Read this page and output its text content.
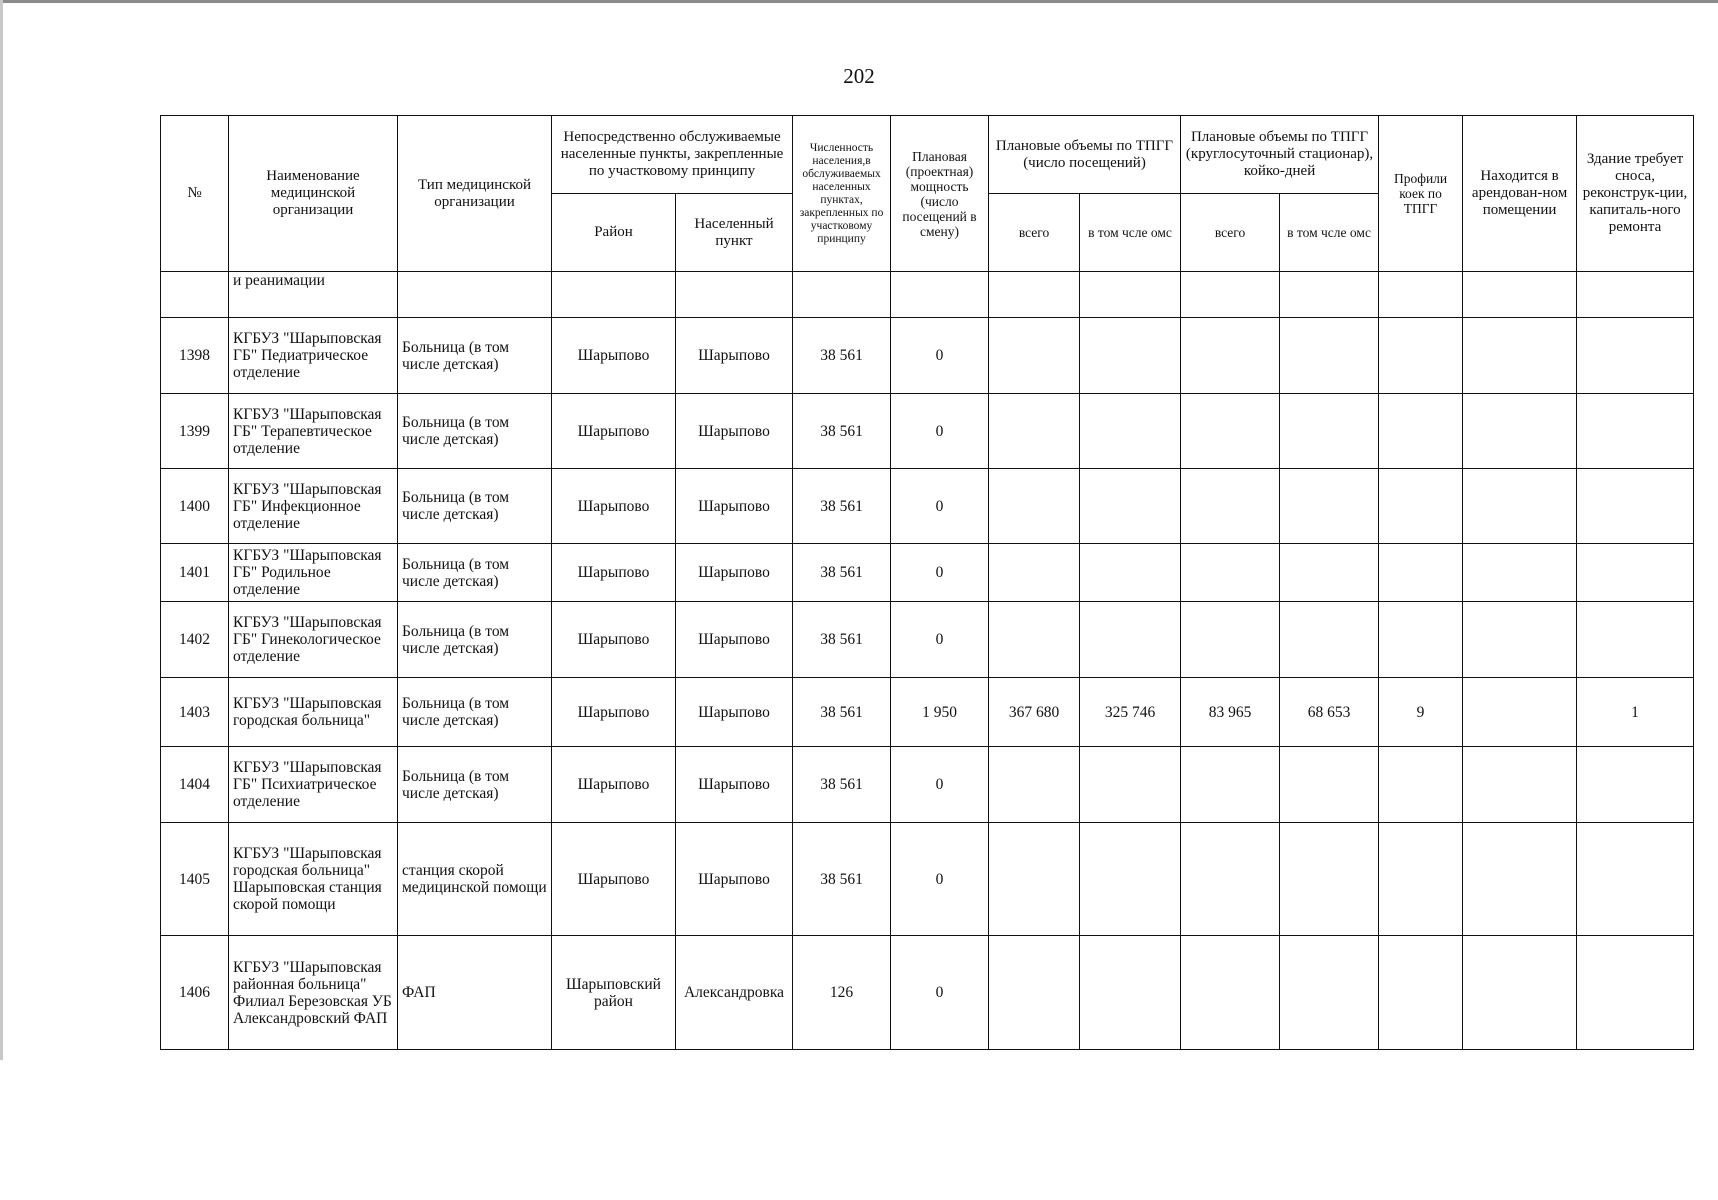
202
№	Наименование медицинской организации	Тип медицинской организации	Непосредственно обслуживаемые населенные пункты, закрепленные по участковому принципу		Численность населения,в обслуживаемых населенных пунктах, закрепленных по участковому принципу	Плановая (проектная) мощность (число посещений в смену)	Плановые объемы по ТПГГ (число посещений)		Плановые объемы по ТПГГ (круглосуточный стационар), койко-дней		Профили коек по ТПГГ	Находится в арендован-ном помещении	Здание требует сноса, реконструк-ции, капиталь-ного ремонта
			Район	Населенный пункт			всего	в том чсле омс	всего	в том чсле омс			
	и реанимации												
1398	КГБУЗ "Шарыповская ГБ" Педиатрическое отделение	Больница (в том числе детская)	Шарыпово	Шарыпово	38 561	0							
1399	КГБУЗ "Шарыповская ГБ" Терапевтическое отделение	Больница (в том числе детская)	Шарыпово	Шарыпово	38 561	0							
1400	КГБУЗ "Шарыповская ГБ" Инфекционное отделение	Больница (в том числе детская)	Шарыпово	Шарыпово	38 561	0							
1401	КГБУЗ "Шарыповская ГБ" Родильное отделение	Больница (в том числе детская)	Шарыпово	Шарыпово	38 561	0							
1402	КГБУЗ "Шарыповская ГБ" Гинекологическое отделение	Больница (в том числе детская)	Шарыпово	Шарыпово	38 561	0							
1403	КГБУЗ "Шарыповская городская больница"	Больница (в том числе детская)	Шарыпово	Шарыпово	38 561	1 950	367 680	325 746	83 965	68 653	9		1
1404	КГБУЗ "Шарыповская ГБ" Психиатрическое отделение	Больница (в том числе детская)	Шарыпово	Шарыпово	38 561	0							
1405	КГБУЗ "Шарыповская городская больница" Шарыповская станция скорой помощи	станция скорой медицинской помощи	Шарыпово	Шарыпово	38 561	0							
1406	КГБУЗ "Шарыповская районная больница" Филиал Березовская УБ Александровский ФАП	ФАП	Шарыповский район	Александровка	126	0							
